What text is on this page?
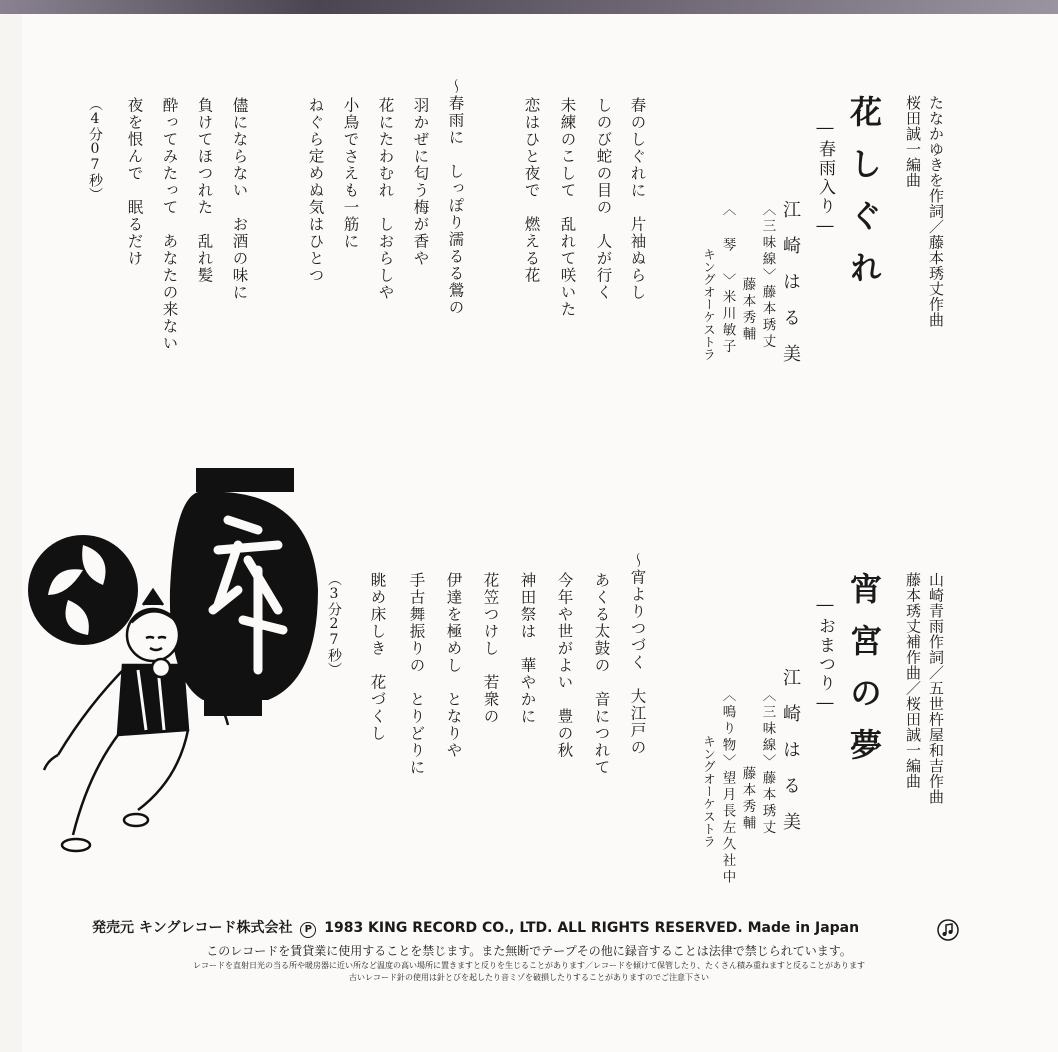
たなかゆきを作詞／藤本琇丈作曲
桜田誠一編曲
花しぐれ
―春雨入り―
江崎はる美
〈三味線〉藤本琇丈
藤本秀輔
〈 琴 〉米川敏子
キングオーケストラ
春のしぐれに　片袖ぬらし
しのび蛇の目の　人が行く
未練のこして　乱れて咲いた
恋はひと夜で　燃える花
〜春雨に　しっぽり濡るる鶯の
羽かぜに匂う梅が香や
花にたわむれ　しおらしや
小鳥でさえも一筋に
ねぐら定めぬ気はひとつ
儘にならない　お酒の味に
負けてほつれた　乱れ髪
酔ってみたって　あなたの来ない
夜を恨んで　眠るだけ
（4分07秒）
山崎青雨作詞／五世杵屋和吉作曲
藤本琇丈補作曲／桜田誠一編曲
宵宮の夢
―おまつり―
江崎はる美
〈三味線〉藤本琇丈
藤本秀輔
〈鳴り物〉望月長左久社中
キングオーケストラ
〜宵よりつづく　大江戸の
あくる太鼓の　音につれて
今年や世がよい　豊の秋
神田祭は　華やかに
花笠つけし　若衆の
伊達を極めし　となりや
手古舞振りの　とりどりに
眺め床しき　花づくし
（3分27秒）
発売元 キングレコード株式会社 P 1983 KING RECORD CO., LTD. ALL RIGHTS RESERVED. Made in Japan
このレコードを賃貸業に使用することを禁じます。また無断でテープその他に録音することは法律で禁じられています。
レコードを直射日光の当る所や暖房器に近い所など温度の高い場所に置きますと反りを生じることがあります／レコードを傾けて保管したり、たくさん積み重ねますと反ることがあります
古いレコード針の使用は針とびを起したり音ミゾを破損したりすることがありますのでご注意下さい
